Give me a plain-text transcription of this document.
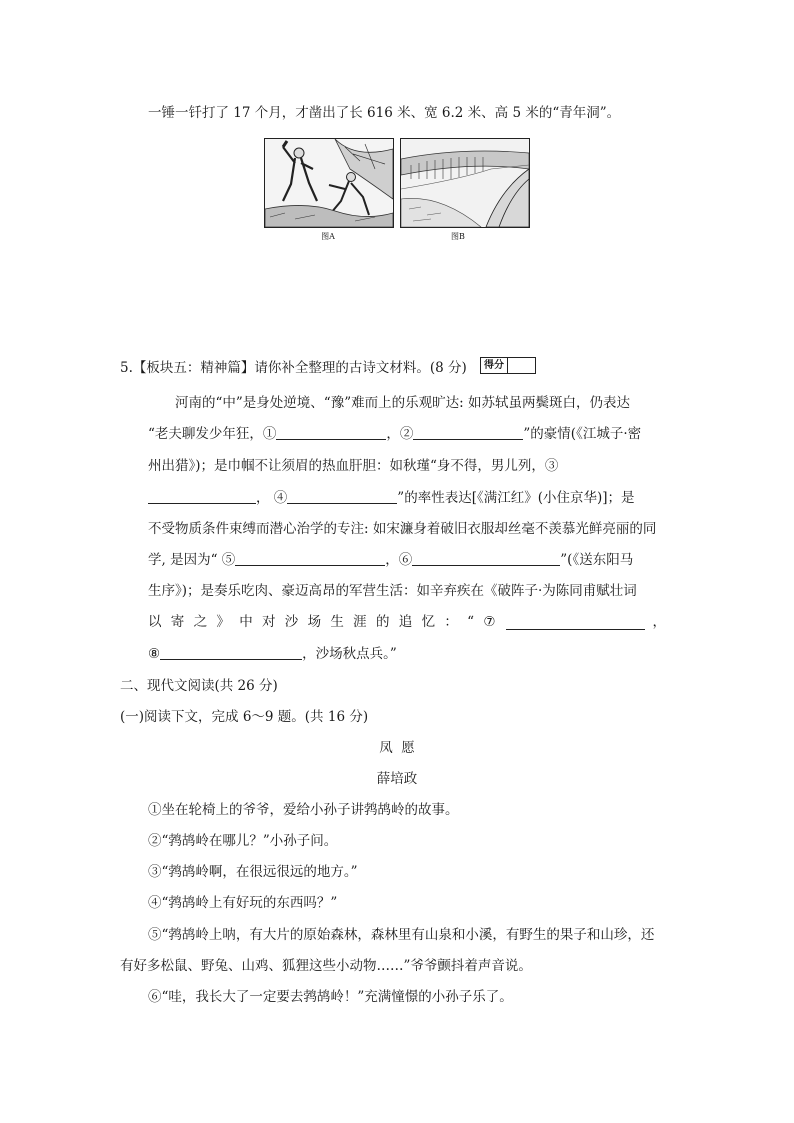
一锤一钎打了 17 个月，才凿出了长 616 米、宽 6.2 米、高 5 米的“青年洞”。
图A	图B
5.【板块五：精神篇】请你补全整理的古诗文材料。(8 分)	得分
河南的“中”是身处逆境、“豫”难而上的乐观旷达: 如苏轼虽两鬓斑白，仍表达
“老夫聊发少年狂，①	，②	”的豪情(《江城子·密
州出猎》)；是巾帼不让须眉的热血肝胆：如秋瑾“身不得，男儿列，③
， ④	”的率性表达[《满江红》(小住京华)]；是
不受物质条件束缚而潜心治学的专注: 如宋濂身着破旧衣服却丝毫不羡慕光鲜亮丽的同
学, 是因为“ ⑤	，⑥	”(《送东阳马
生序》)；是奏乐吃肉、豪迈高昂的军营生活：如辛弃疾在《破阵子·为陈同甫赋壮词
以 寄 之 》 中 对 沙 场 生 涯 的 追 忆 ： “ ⑦	，
⑧	，沙场秋点兵。”
二、现代文阅读(共 26 分)
(一)阅读下文，完成 6～9 题。(共 16 分)
凤  愿
薛培政
①坐在轮椅上的爷爷，爱给小孙子讲鹁鸪岭的故事。
②“鹁鸪岭在哪儿？”小孙子问。
③“鹁鸪岭啊，在很远很远的地方。”
④“鹁鸪岭上有好玩的东西吗？”
⑤“鹁鸪岭上呐，有大片的原始森林，森林里有山泉和小溪，有野生的果子和山珍，还
有好多松鼠、野兔、山鸡、狐狸这些小动物……”爷爷颤抖着声音说。
⑥“哇，我长大了一定要去鹁鸪岭！”充满憧憬的小孙子乐了。
